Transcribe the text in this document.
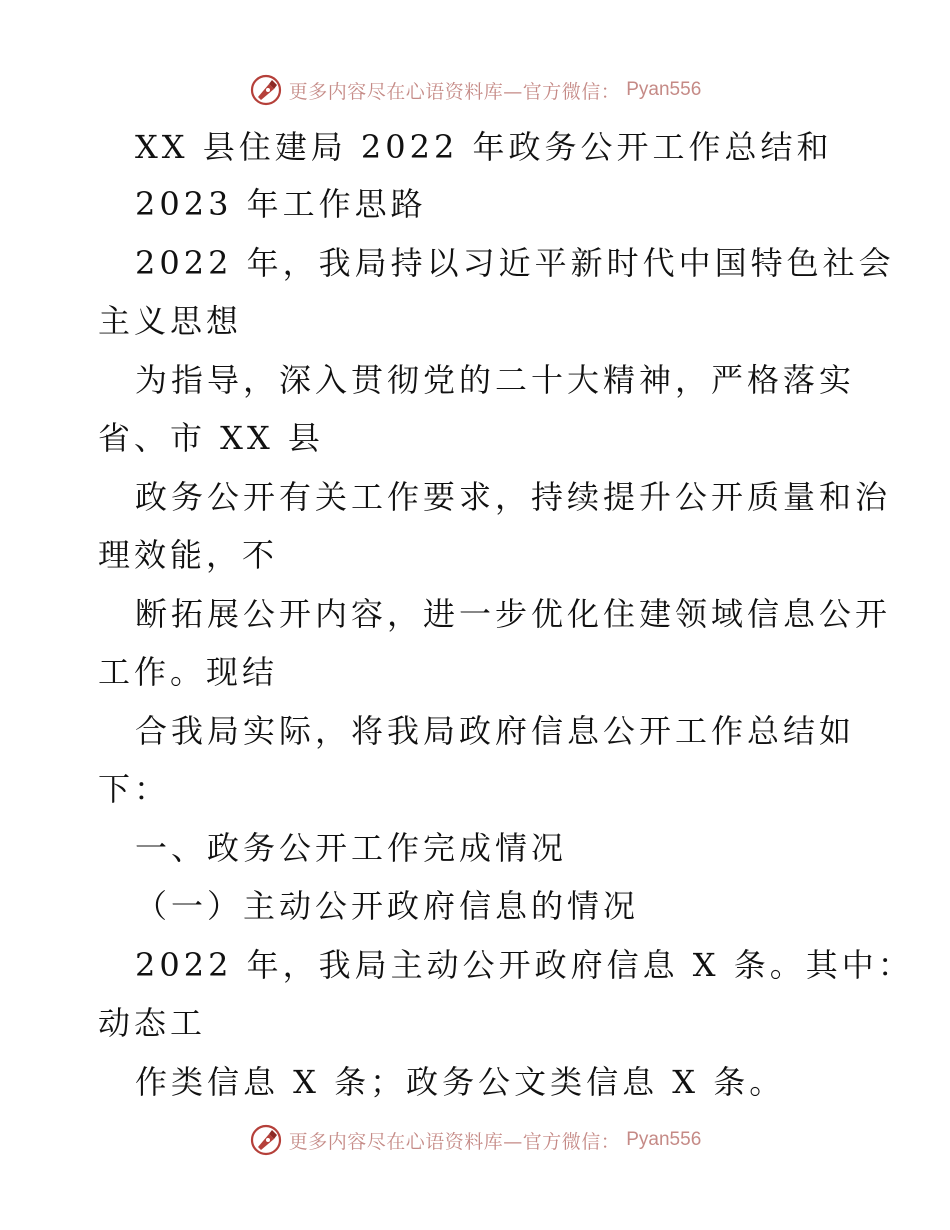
更多内容尽在心语资料库—官方微信： Pyan556
XX 县住建局 2022 年政务公开工作总结和
2023 年工作思路
2022 年，我局持以习近平新时代中国特色社会
主义思想
为指导，深入贯彻党的二十大精神，严格落实
省、市 XX 县
政务公开有关工作要求，持续提升公开质量和治
理效能，不
断拓展公开内容，进一步优化住建领域信息公开
工作。现结
合我局实际，将我局政府信息公开工作总结如
下：
一、政务公开工作完成情况
（一）主动公开政府信息的情况
2022 年，我局主动公开政府信息 X 条。其中：
动态工
作类信息 X 条；政务公文类信息 X 条。
更多内容尽在心语资料库—官方微信： Pyan556
